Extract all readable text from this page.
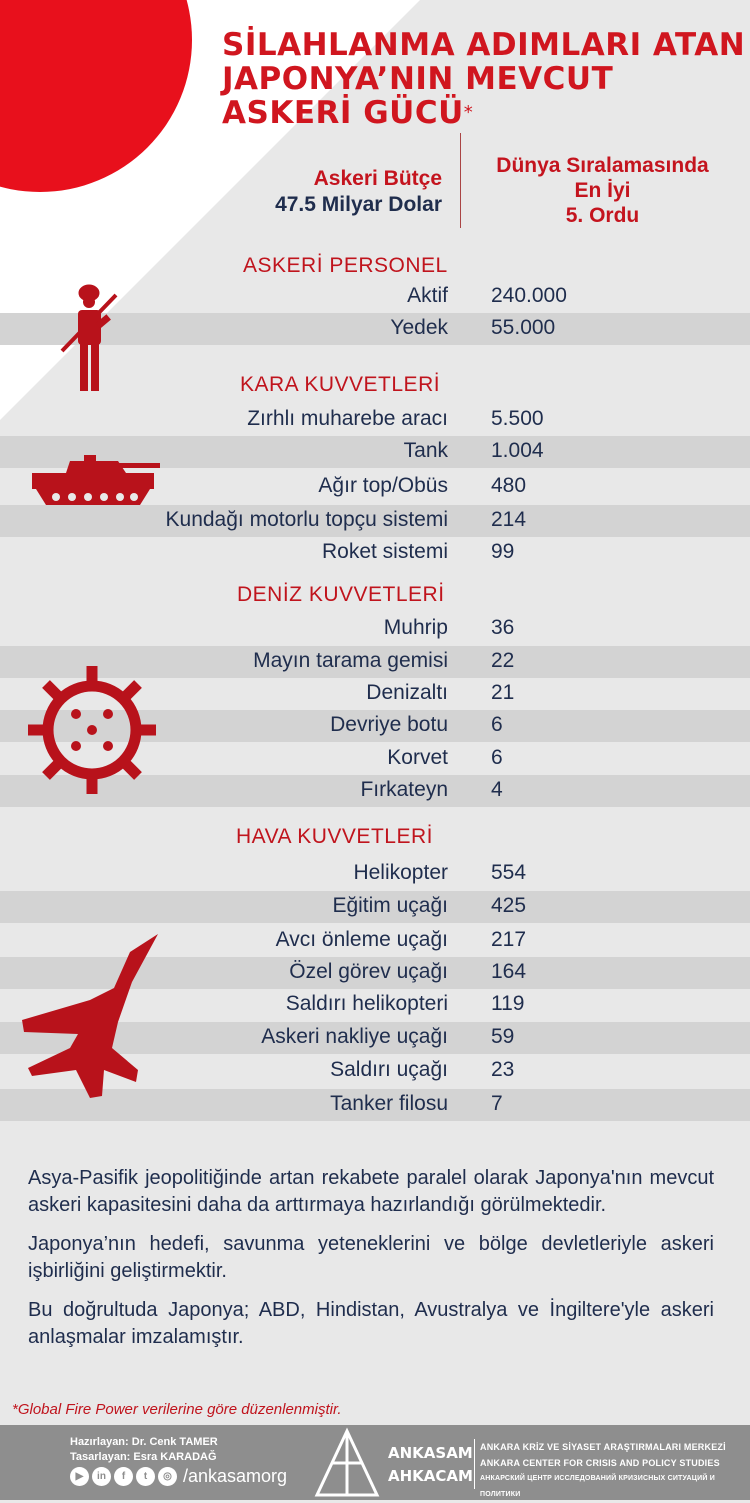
SİLAHLANMA ADIMLARI ATAN
JAPONYA’NIN MEVCUT
ASKERİ GÜCÜ*
Askeri Bütçe
47.5 Milyar Dolar
Dünya Sıralamasında
En İyi
5. Ordu
ASKERİ PERSONEL
KARA KUVVETLERİ
DENİZ KUVVETLERİ
HAVA KUVVETLERİ
Aktif 240.000
Yedek 55.000
Zırhlı muharebe aracı 5.500
Tank 1.004
Ağır top/Obüs 480
Kundağı motorlu topçu sistemi 214
Roket sistemi 99
Muhrip 36
Mayın tarama gemisi 22
Denizaltı 21
Devriye botu 6
Korvet 6
Fırkateyn 4
Helikopter 554
Eğitim uçağı 425
Avcı önleme uçağı 217
Özel görev uçağı 164
Saldırı helikopteri 119
Askeri nakliye uçağı 59
Saldırı uçağı 23
Tanker filosu 7

Asya-Pasifik jeopolitiğinde artan rekabete paralel olarak Japonya'nın mevcut askeri kapasitesini daha da arttırmaya hazırlandığı görülmektedir.

Japonya’nın hedefi, savunma yeteneklerini ve bölge devletleriyle askeri işbirliğini geliştirmektir.

Bu doğrultuda Japonya; ABD, Hindistan, Avustralya ve İngiltere'yle askeri anlaşmalar imzalamıştır.

*Global Fire Power verilerine göre düzenlenmiştir.
Hazırlayan: Dr. Cenk TAMER
Tasarlayan: Esra KARADAĞ
▶	in	f	t	◎ /ankasamorg
ANKASAM
AHKACAM
ANKARA KRİZ VE SİYASET ARAŞTIRMALARI MERKEZİ
ANKARA CENTER FOR CRISIS AND POLICY STUDIES
АНКАРСКИЙ ЦЕНТР ИССЛЕДОВАНИЙ КРИЗИСНЫХ СИТУАЦИЙ И ПОЛИТИКИ
